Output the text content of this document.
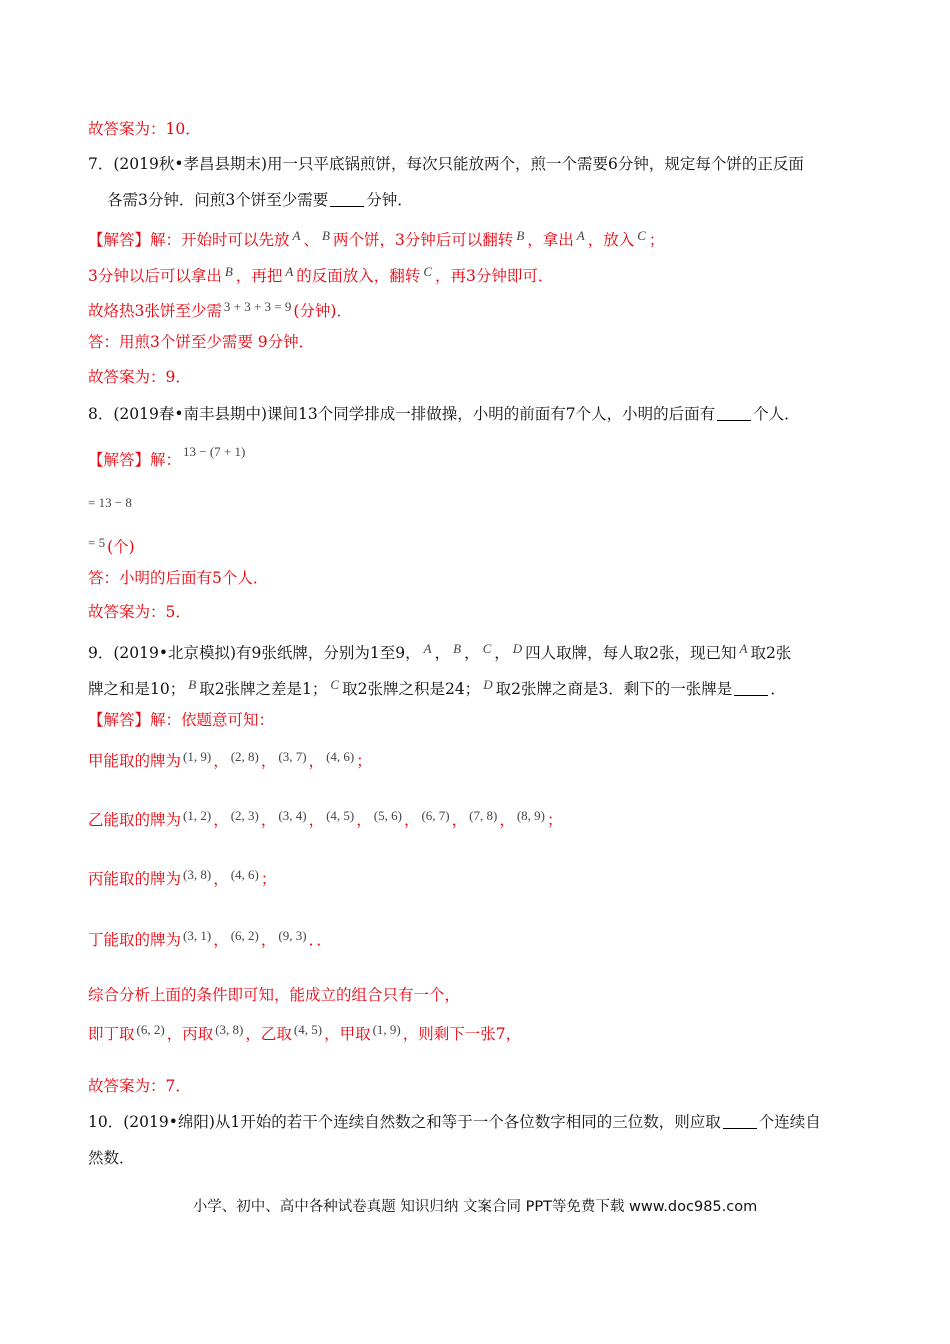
故答案为：10．
7．(2019秋•孝昌县期末)用一只平底锅煎饼，每次只能放两个，煎一个需要6分钟，规定每个饼的正反面
各需3分钟．问煎3个饼至少需要 分钟．
【解答】解：开始时可以先放 $^A$ 、 $^B$ 两个饼，3分钟后可以翻转 $^B$ ，拿出 $^A$ ，放入 $^C$ ；
3分钟以后可以拿出 $^B$ ，再把 $^A$ 的反面放入，翻转 $^C$ ，再3分钟即可．
故烙热3张饼至少需 $^{3 + 3 + 3 = 9}$ (分钟)．
答：用煎3个饼至少需要 9分钟．
故答案为：9．
8．(2019春•南丰县期中)课间13个同学排成一排做操，小明的前面有7个人，小明的后面有 个人．
【解答】解： $^{13 - (7 + 1)}$
$^{= 13 - 8}$
$^{= 5}$ (个)
答：小明的后面有5个人．
故答案为：5．
9．(2019•北京模拟)有9张纸牌，分别为1至9， $^A$ ， $^B$ ， $^C$ ， $^D$ 四人取牌，每人取2张，现已知 $^A$ 取2张
牌之和是10； $^B$ 取2张牌之差是1； $^C$ 取2张牌之积是24； $^D$ 取2张牌之商是3．剩下的一张牌是 ．
【解答】解：依题意可知：
甲能取的牌为 $^{(1, 9)}$ ， $^{(2, 8)}$ ， $^{(3, 7)}$ ， $^{(4, 6)}$ ；
乙能取的牌为 $^{(1, 2)}$ ， $^{(2, 3)}$ ， $^{(3, 4)}$ ， $^{(4, 5)}$ ， $^{(5, 6)}$ ， $^{(6, 7)}$ ， $^{(7, 8)}$ ， $^{(8, 9)}$ ；
丙能取的牌为 $^{(3, 8)}$ ， $^{(4, 6)}$ ；
丁能取的牌为 $^{(3, 1)}$ ， $^{(6, 2)}$ ， $^{(9, 3)}$ ．．
综合分析上面的条件即可知，能成立的组合只有一个，
即丁取 $^{(6, 2)}$ ，丙取 $^{(3, 8)}$ ，乙取 $^{(4, 5)}$ ，甲取 $^{(1, 9)}$ ，则剩下一张7，
故答案为：7．
10．(2019•绵阳)从1开始的若干个连续自然数之和等于一个各位数字相同的三位数，则应取 个连续自
然数．
小学、初中、高中各种试卷真题 知识归纳 文案合同 PPT等免费下载 www.doc985.com
